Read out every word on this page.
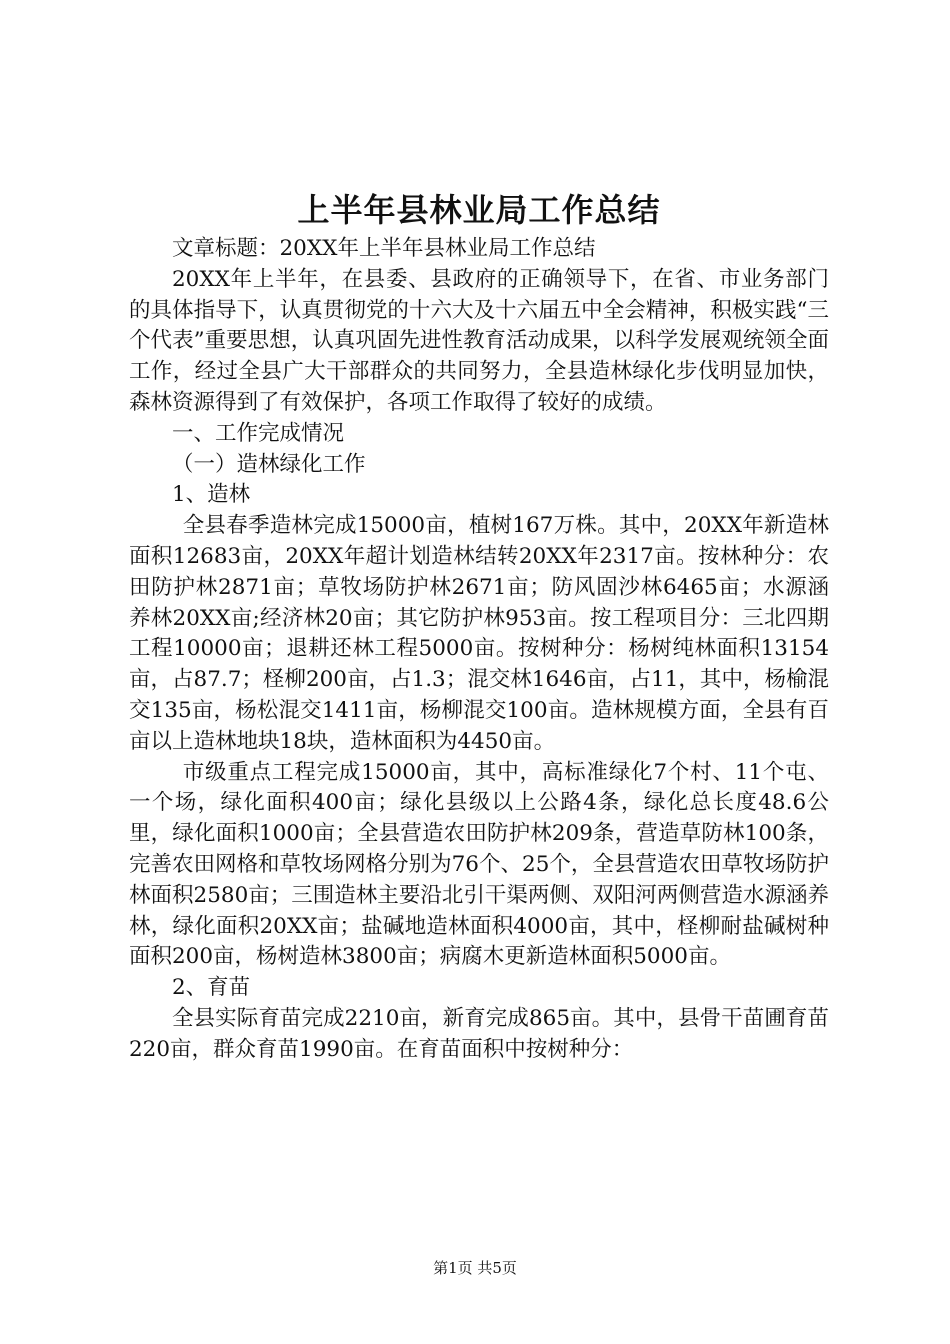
上半年县林业局工作总结

文章标题：20XX年上半年县林业局工作总结

20XX年上半年，在县委、县政府的正确领导下，在省、市业务部门的具体指导下，认真贯彻党的十六大及十六届五中全会精神，积极实践“三个代表”重要思想，认真巩固先进性教育活动成果，以科学发展观统领全面工作，经过全县广大干部群众的共同努力，全县造林绿化步伐明显加快，森林资源得到了有效保护，各项工作取得了较好的成绩。

一、工作完成情况

（一）造林绿化工作

1、造林

全县春季造林完成15000亩，植树167万株。其中，20XX年新造林面积12683亩，20XX年超计划造林结转20XX年2317亩。按林种分：农田防护林2871亩；草牧场防护林2671亩；防风固沙林6465亩；水源涵养林20XX亩;经济林20亩；其它防护林953亩。按工程项目分：三北四期工程10000亩；退耕还林工程5000亩。按树种分：杨树纯林面积13154亩，占87.7；柽柳200亩，占1.3；混交林1646亩，占11，其中，杨榆混交135亩，杨松混交1411亩，杨柳混交100亩。造林规模方面，全县有百亩以上造林地块18块，造林面积为4450亩。

市级重点工程完成15000亩，其中，高标准绿化7个村、11个屯、一个场，绿化面积400亩；绿化县级以上公路4条，绿化总长度48.6公里，绿化面积1000亩；全县营造农田防护林209条，营造草防林100条，完善农田网格和草牧场网格分别为76个、25个，全县营造农田草牧场防护林面积2580亩；三围造林主要沿北引干渠两侧、双阳河两侧营造水源涵养林，绿化面积20XX亩；盐碱地造林面积4000亩，其中，柽柳耐盐碱树种面积200亩，杨树造林3800亩；病腐木更新造林面积5000亩。

2、育苗

全县实际育苗完成2210亩，新育完成865亩。其中，县骨干苗圃育苗220亩，群众育苗1990亩。在育苗面积中按树种分：

第1页 共5页
